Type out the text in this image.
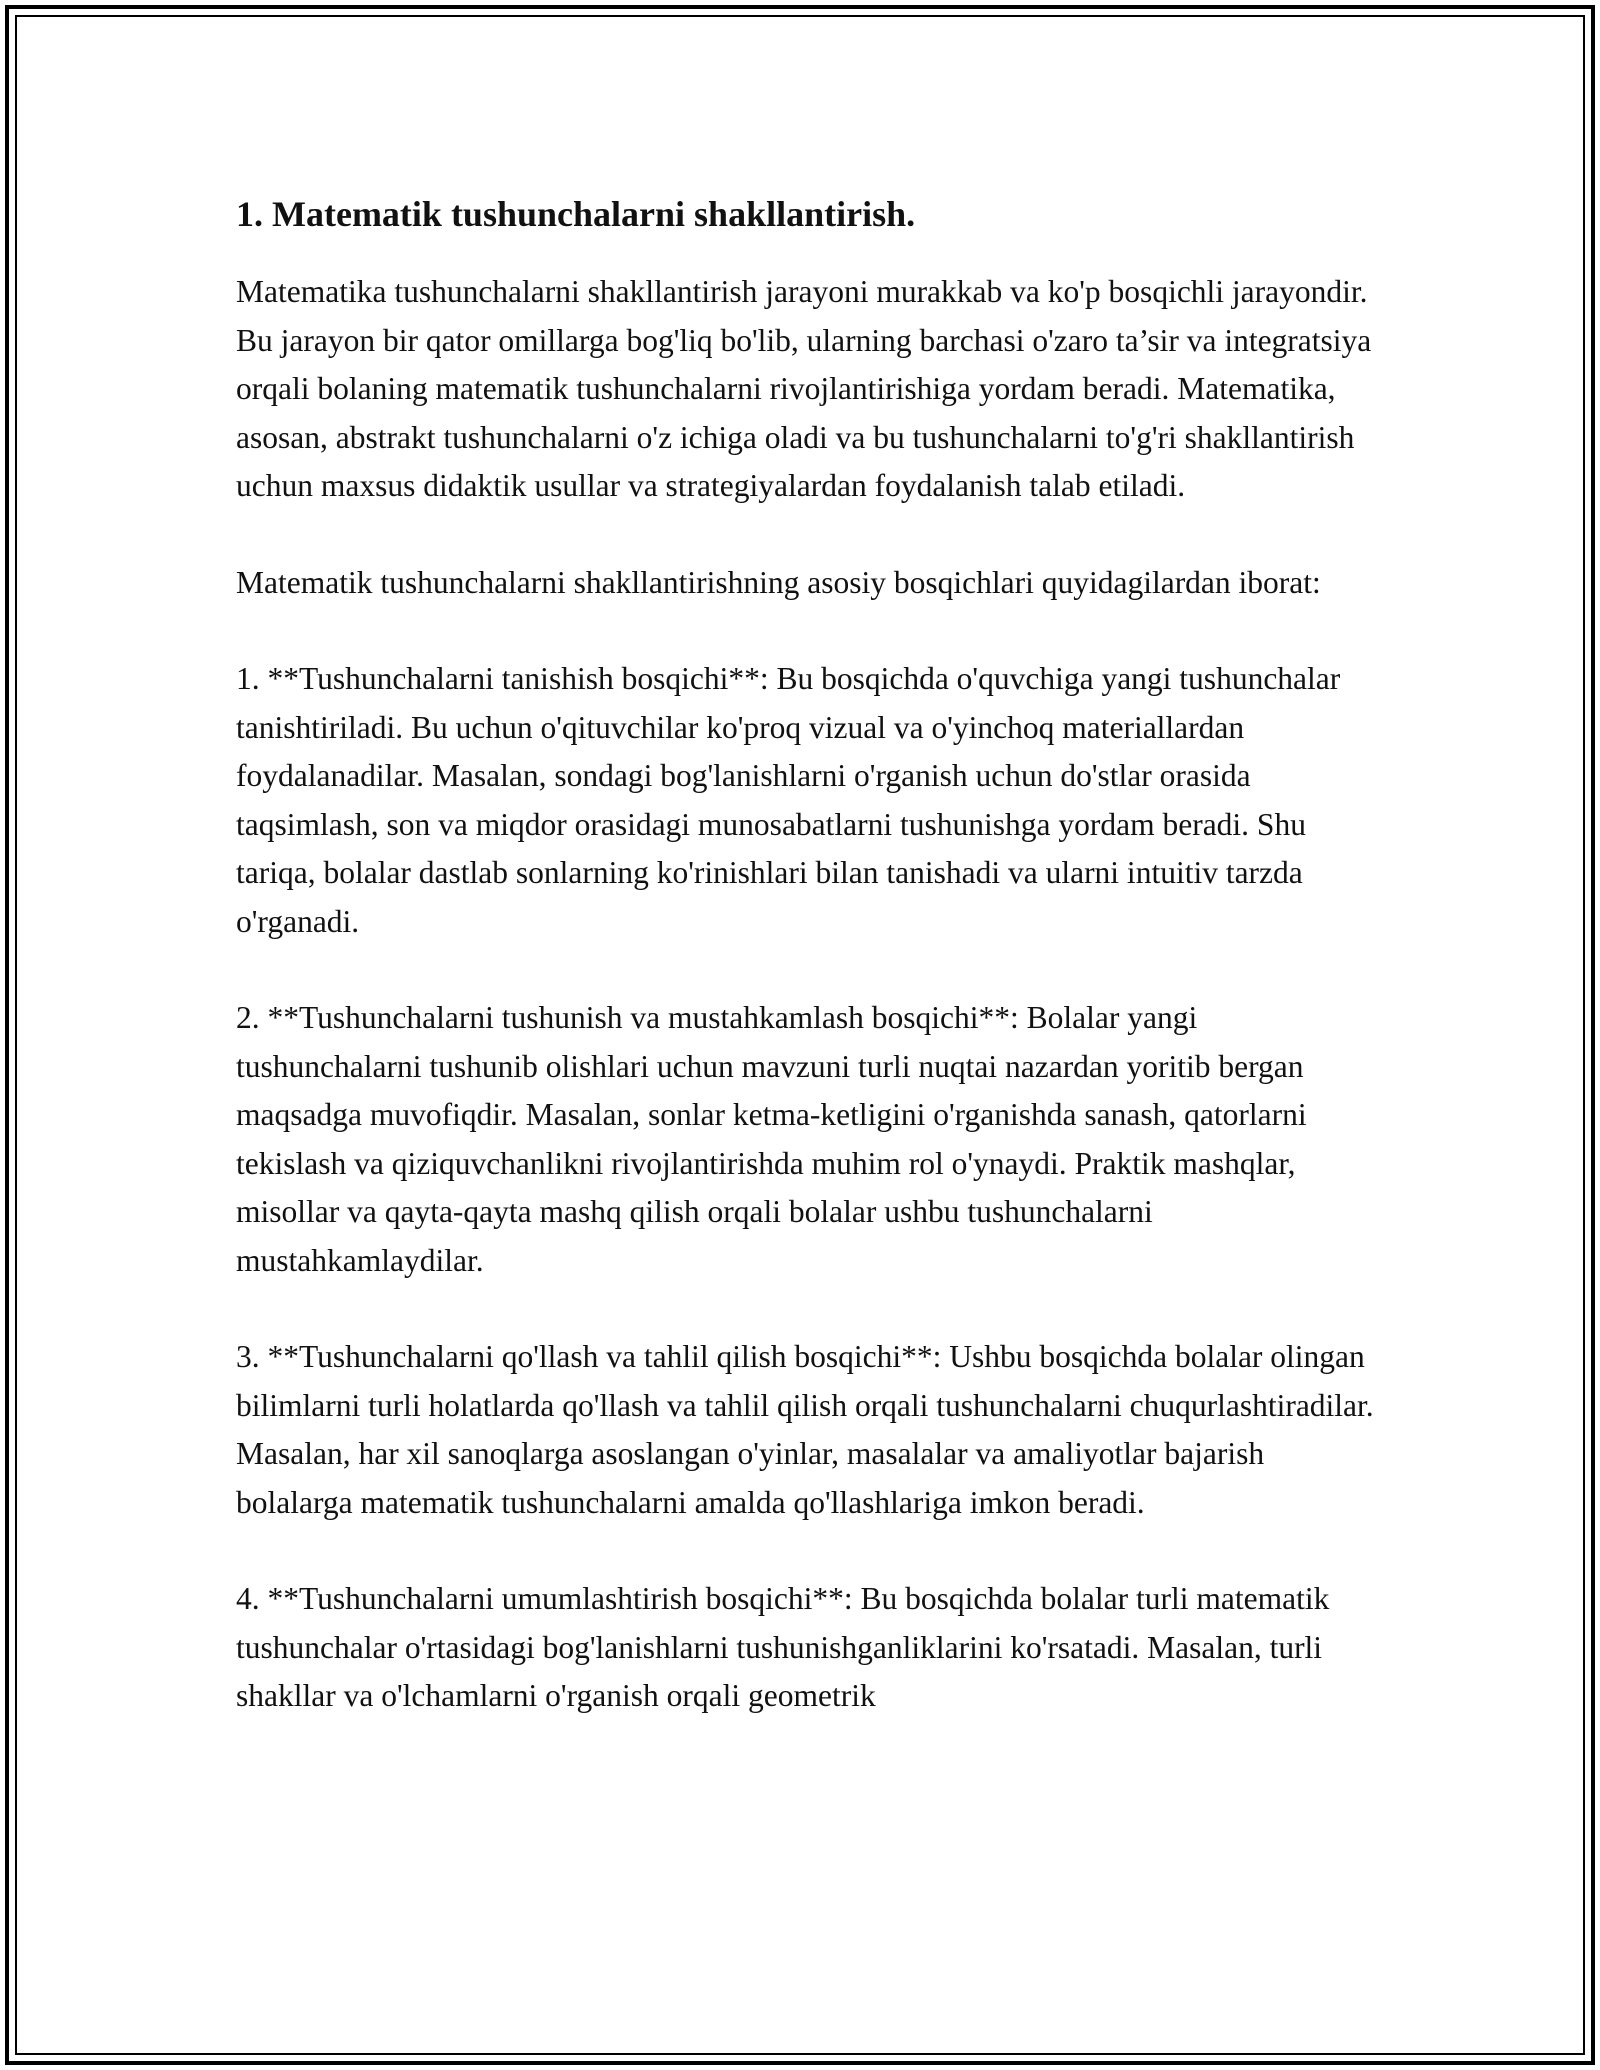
1. Matematik tushunchalarni shakllantirish.

Matematika tushunchalarni shakllantirish jarayoni murakkab va ko'p bosqichli jarayondir. Bu jarayon bir qator omillarga bog'liq bo'lib, ularning barchasi o'zaro ta’sir va integratsiya orqali bolaning matematik tushunchalarni rivojlantirishiga yordam beradi. Matematika, asosan, abstrakt tushunchalarni o'z ichiga oladi va bu tushunchalarni to'g'ri shakllantirish uchun maxsus didaktik usullar va strategiyalardan foydalanish talab etiladi.

Matematik tushunchalarni shakllantirishning asosiy bosqichlari quyidagilardan iborat:

1. **Tushunchalarni tanishish bosqichi**: Bu bosqichda o'quvchiga yangi tushunchalar tanishtiriladi. Bu uchun o'qituvchilar ko'proq vizual va o'yinchoq materiallardan foydalanadilar. Masalan, sondagi bog'lanishlarni o'rganish uchun do'stlar orasida taqsimlash, son va miqdor orasidagi munosabatlarni tushunishga yordam beradi. Shu tariqa, bolalar dastlab sonlarning ko'rinishlari bilan tanishadi va ularni intuitiv tarzda o'rganadi.

2. **Tushunchalarni tushunish va mustahkamlash bosqichi**: Bolalar yangi tushunchalarni tushunib olishlari uchun mavzuni turli nuqtai nazardan yoritib bergan maqsadga muvofiqdir. Masalan, sonlar ketma-ketligini o'rganishda sanash, qatorlarni tekislash va qiziquvchanlikni rivojlantirishda muhim rol o'ynaydi. Praktik mashqlar, misollar va qayta-qayta mashq qilish orqali bolalar ushbu tushunchalarni mustahkamlaydilar.

3. **Tushunchalarni qo'llash va tahlil qilish bosqichi**: Ushbu bosqichda bolalar olingan bilimlarni turli holatlarda qo'llash va tahlil qilish orqali tushunchalarni chuqurlashtiradilar. Masalan, har xil sanoqlarga asoslangan o'yinlar, masalalar va amaliyotlar bajarish bolalarga matematik tushunchalarni amalda qo'llashlariga imkon beradi.

4. **Tushunchalarni umumlashtirish bosqichi**: Bu bosqichda bolalar turli matematik tushunchalar o'rtasidagi bog'lanishlarni tushunishganliklarini ko'rsatadi. Masalan, turli shakllar va o'lchamlarni o'rganish orqali geometrik
